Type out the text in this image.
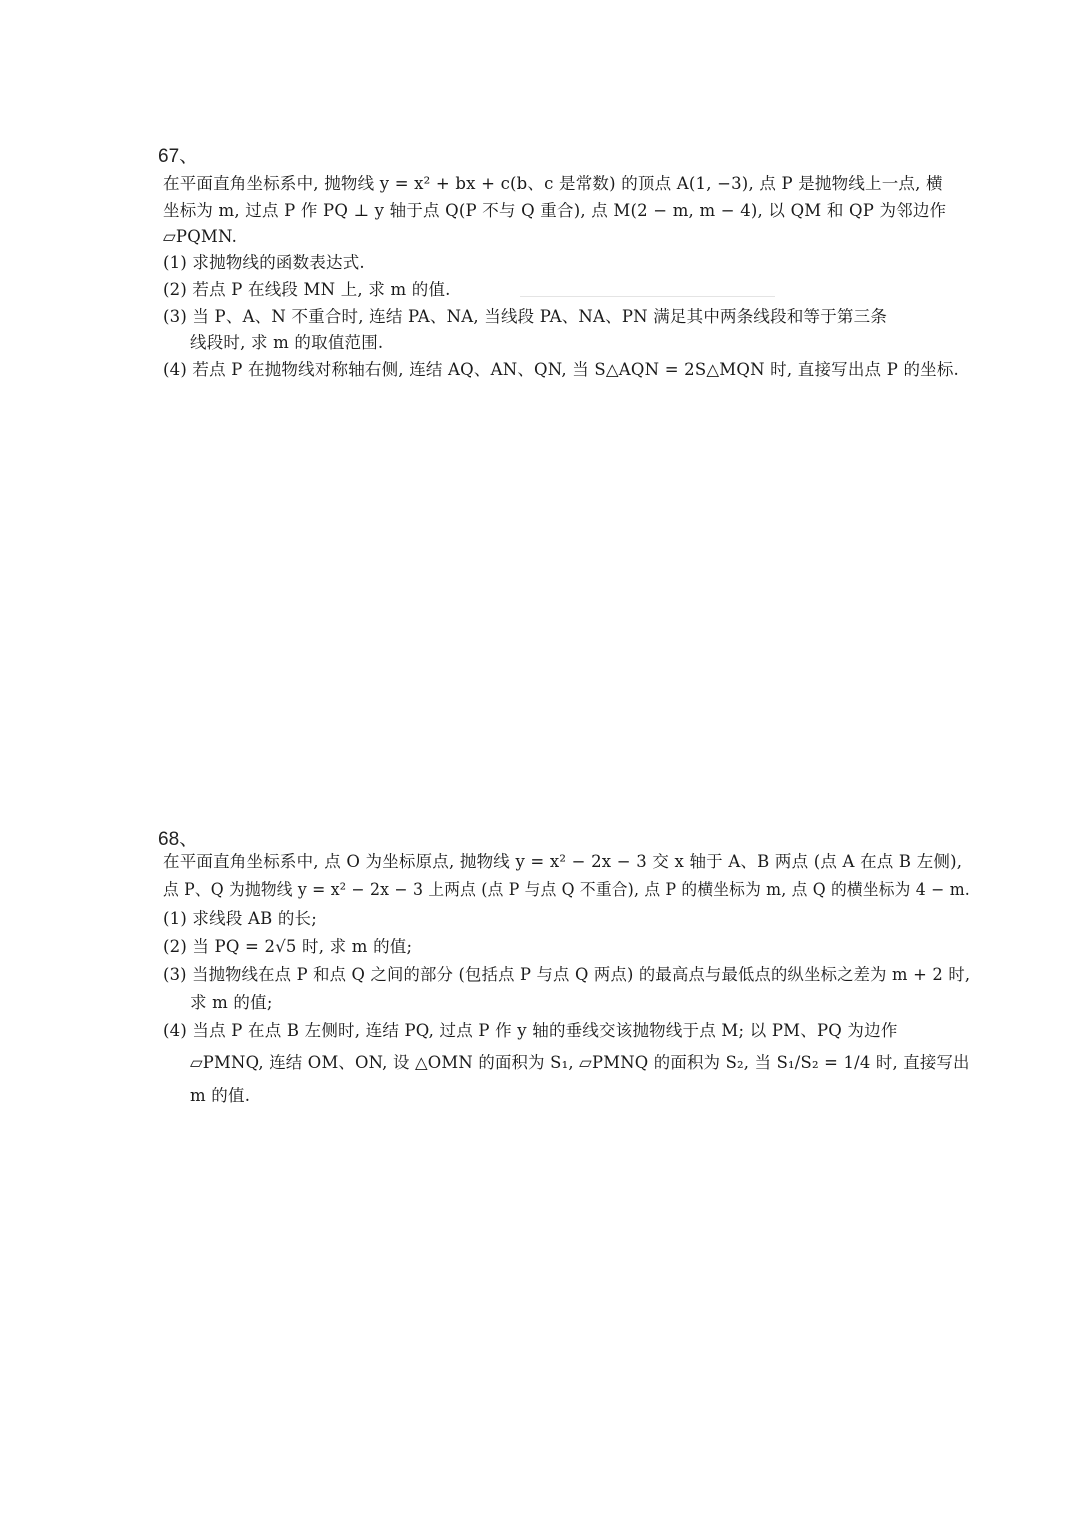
67、
在平面直角坐标系中, 抛物线 y = x² + bx + c(b、c 是常数) 的顶点 A(1, −3), 点 P 是抛物线上一点, 横
坐标为 m, 过点 P 作 PQ ⊥ y 轴于点 Q(P 不与 Q 重合), 点 M(2 − m, m − 4), 以 QM 和 QP 为邻边作
▱PQMN.
(1) 求抛物线的函数表达式.
(2) 若点 P 在线段 MN 上, 求 m 的值.
(3) 当 P、A、N 不重合时, 连结 PA、NA, 当线段 PA、NA、PN 满足其中两条线段和等于第三条
线段时, 求 m 的取值范围.
(4) 若点 P 在抛物线对称轴右侧, 连结 AQ、AN、QN, 当 S△AQN = 2S△MQN 时, 直接写出点 P 的坐标.
68、
在平面直角坐标系中, 点 O 为坐标原点, 抛物线 y = x² − 2x − 3 交 x 轴于 A、B 两点 (点 A 在点 B 左侧),
点 P、Q 为抛物线 y = x² − 2x − 3 上两点 (点 P 与点 Q 不重合), 点 P 的横坐标为 m, 点 Q 的横坐标为 4 − m.
(1) 求线段 AB 的长;
(2) 当 PQ = 2√5 时, 求 m 的值;
(3) 当抛物线在点 P 和点 Q 之间的部分 (包括点 P 与点 Q 两点) 的最高点与最低点的纵坐标之差为 m + 2 时,
求 m 的值;
(4) 当点 P 在点 B 左侧时, 连结 PQ, 过点 P 作 y 轴的垂线交该抛物线于点 M; 以 PM、PQ 为边作
▱PMNQ, 连结 OM、ON, 设 △OMN 的面积为 S₁, ▱PMNQ 的面积为 S₂, 当 S₁/S₂ = 1/4 时, 直接写出
m 的值.
